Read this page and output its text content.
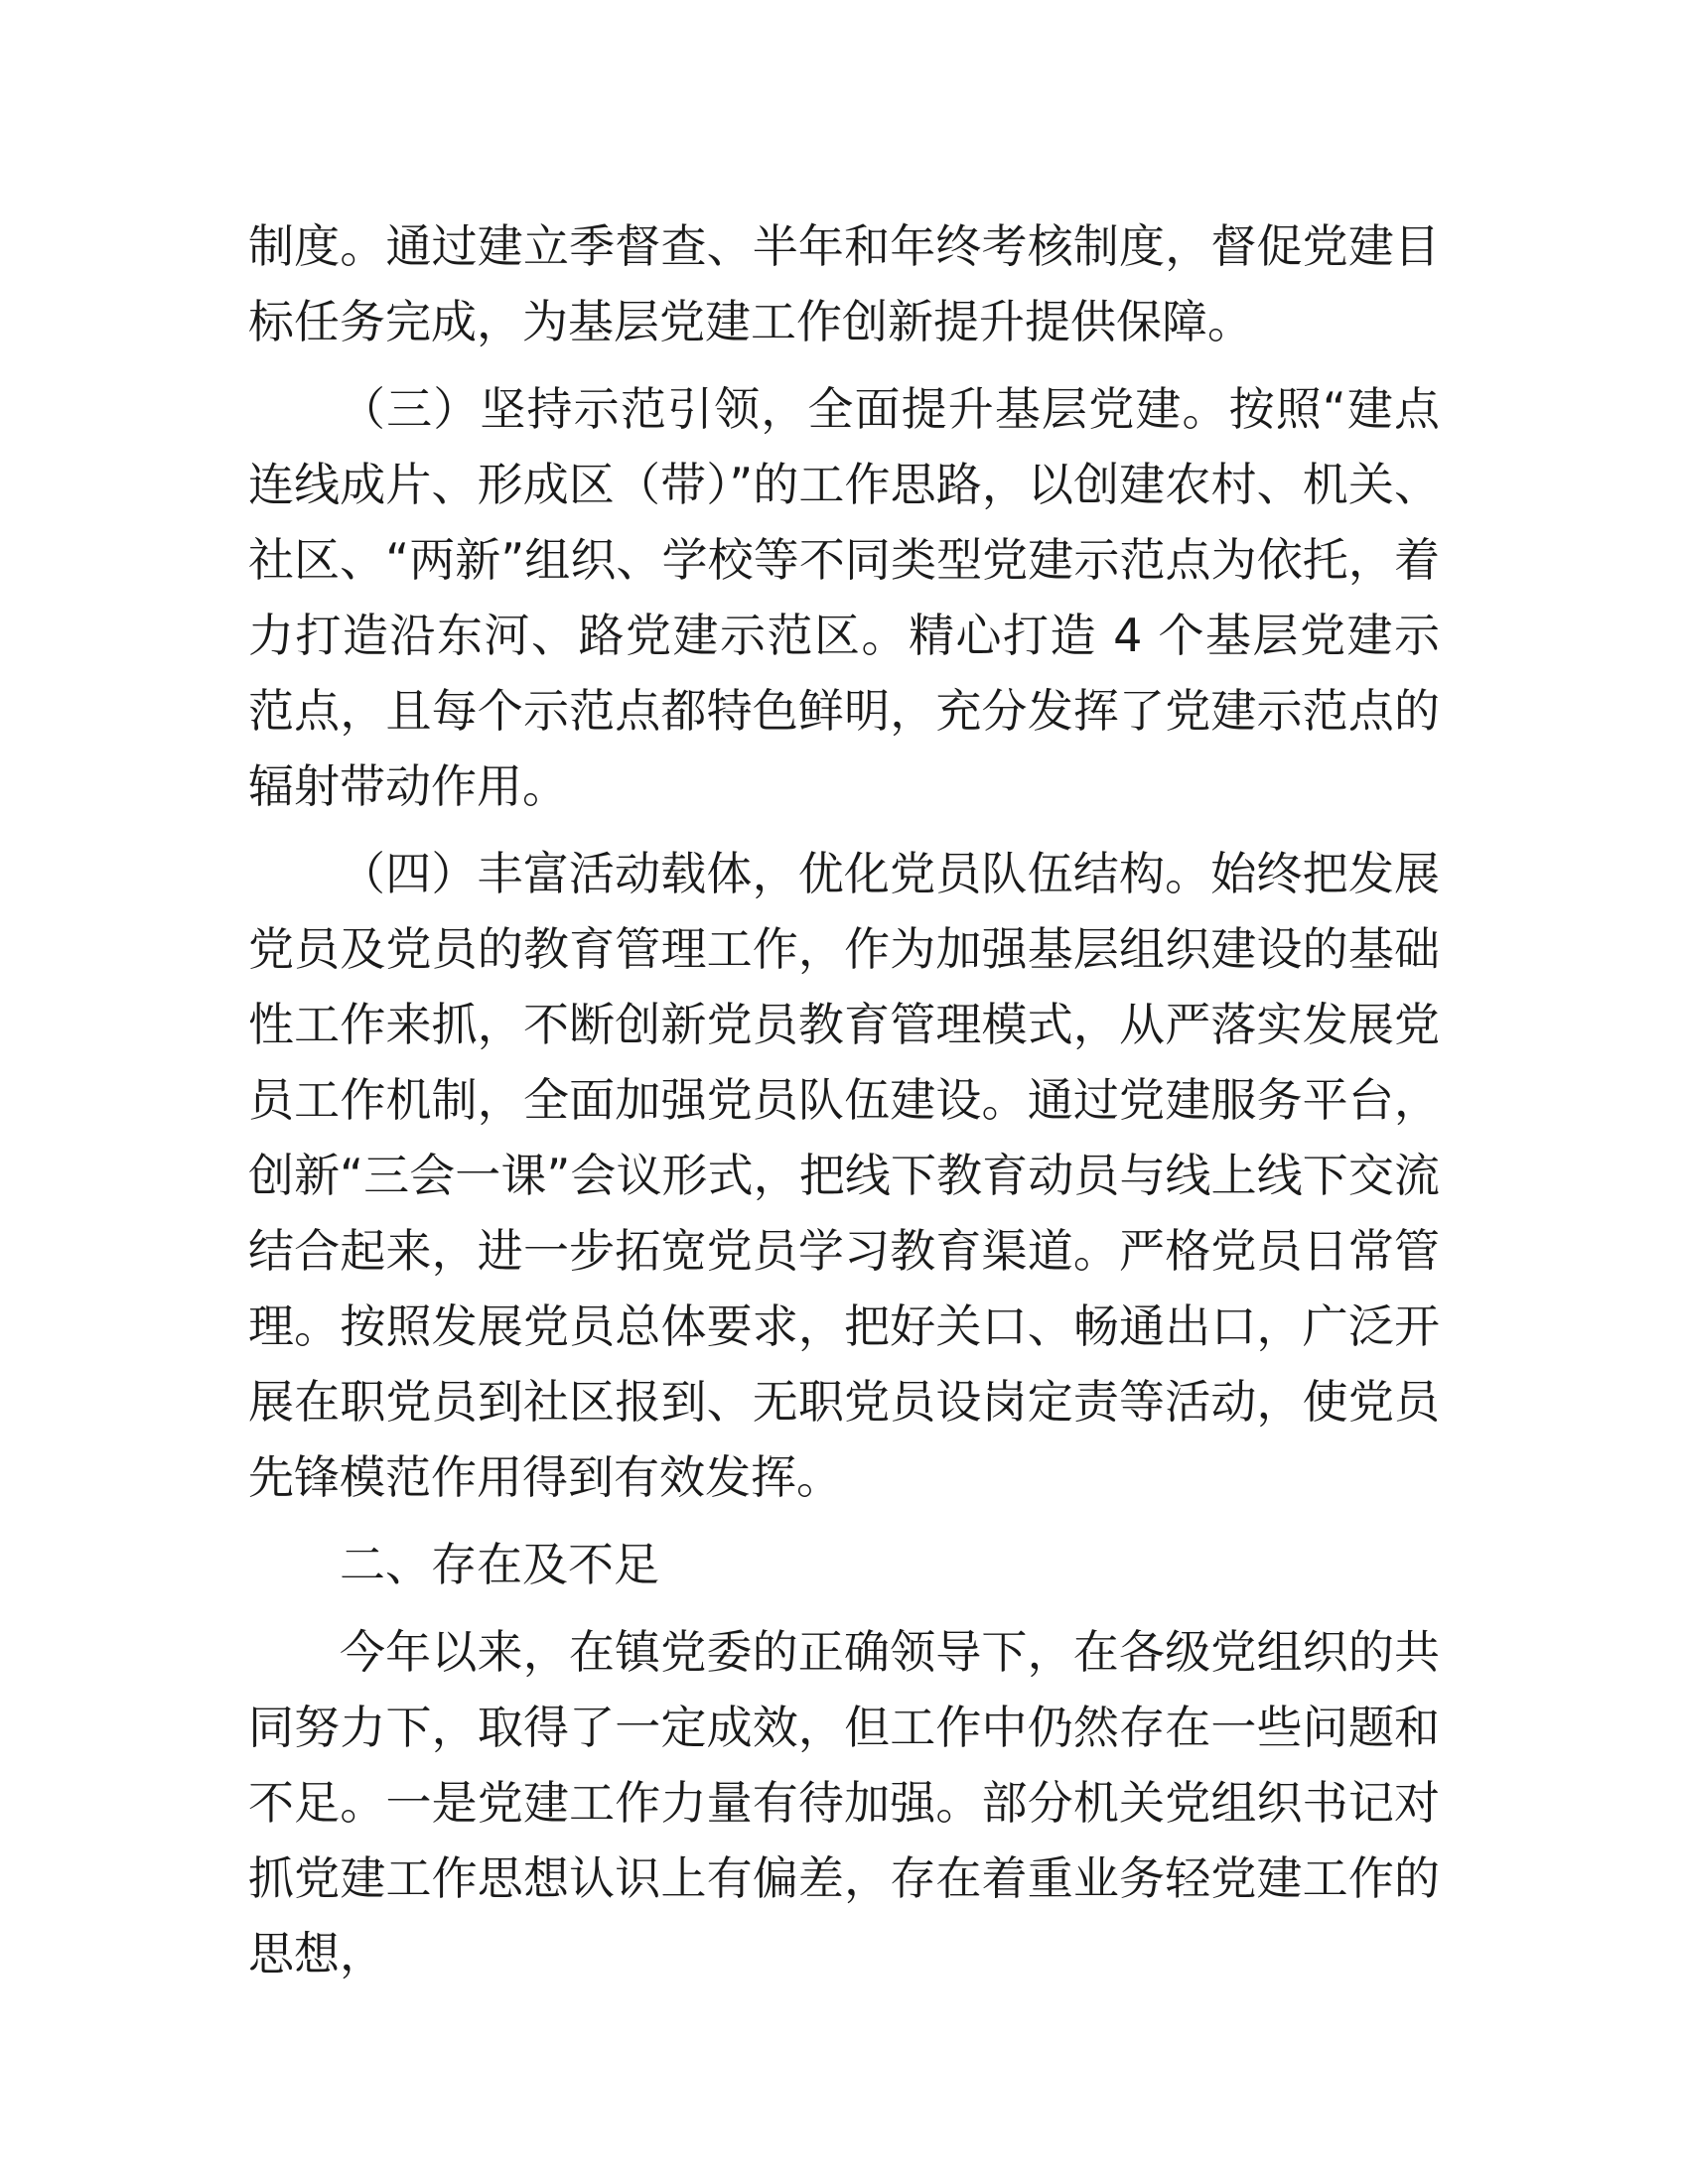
制度。通过建立季督查、半年和年终考核制度，督促党建目标任务完成，为基层党建工作创新提升提供保障。

（三）坚持示范引领，全面提升基层党建。按照“建点连线成片、形成区（带）”的工作思路，以创建农村、机关、社区、“两新”组织、学校等不同类型党建示范点为依托，着力打造沿东河、路党建示范区。精心打造 4 个基层党建示范点，且每个示范点都特色鲜明，充分发挥了党建示范点的辐射带动作用。

（四）丰富活动载体，优化党员队伍结构。始终把发展党员及党员的教育管理工作，作为加强基层组织建设的基础性工作来抓，不断创新党员教育管理模式，从严落实发展党员工作机制，全面加强党员队伍建设。通过党建服务平台，创新“三会一课”会议形式，把线下教育动员与线上线下交流结合起来，进一步拓宽党员学习教育渠道。严格党员日常管理。按照发展党员总体要求，把好关口、畅通出口，广泛开展在职党员到社区报到、无职党员设岗定责等活动，使党员先锋模范作用得到有效发挥。

二、存在及不足

今年以来，在镇党委的正确领导下，在各级党组织的共同努力下，取得了一定成效，但工作中仍然存在一些问题和不足。一是党建工作力量有待加强。部分机关党组织书记对抓党建工作思想认识上有偏差，存在着重业务轻党建工作的思想，
